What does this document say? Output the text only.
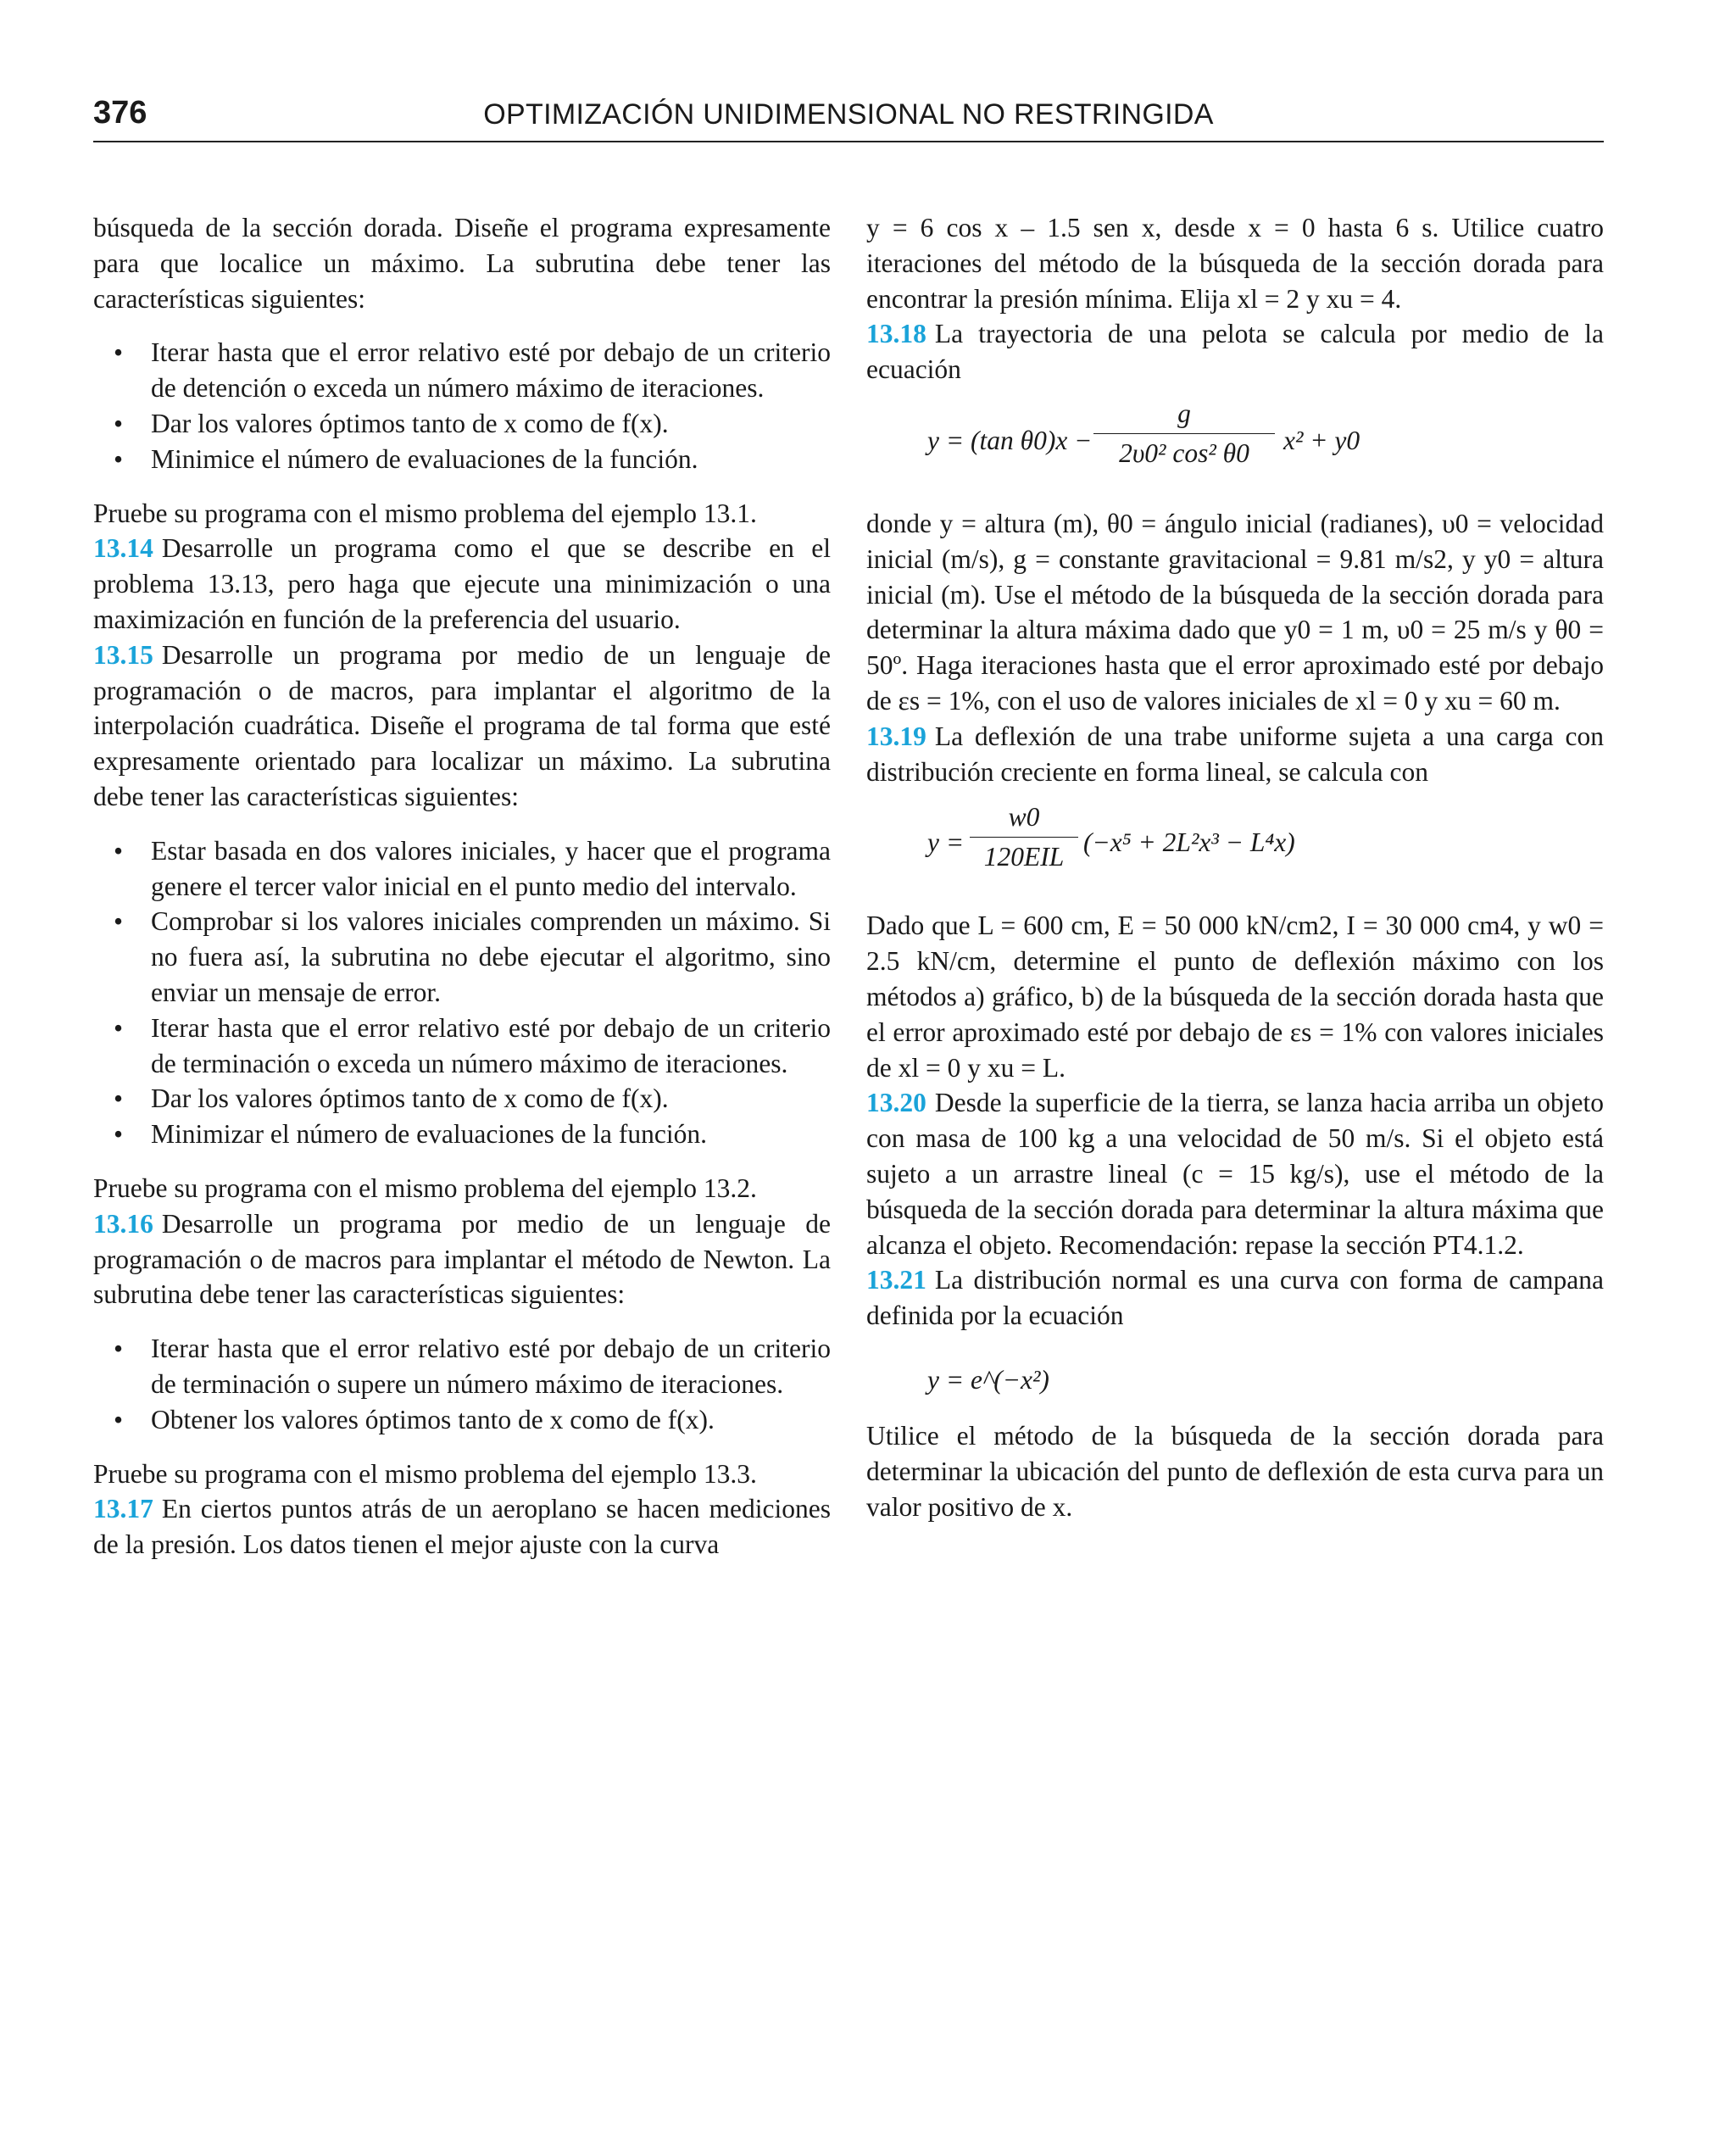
376	OPTIMIZACIÓN UNIDIMENSIONAL NO RESTRINGIDA

búsqueda de la sección dorada. Diseñe el programa expresamente para que localice un máximo. La subrutina debe tener las características siguientes:

• Iterar hasta que el error relativo esté por debajo de un criterio de detención o exceda un número máximo de iteraciones.
• Dar los valores óptimos tanto de x como de f(x).
• Minimice el número de evaluaciones de la función.

Pruebe su programa con el mismo problema del ejemplo 13.1.

13.14 Desarrolle un programa como el que se describe en el problema 13.13, pero haga que ejecute una minimización o una maximización en función de la preferencia del usuario.

13.15 Desarrolle un programa por medio de un lenguaje de programación o de macros, para implantar el algoritmo de la interpolación cuadrática. Diseñe el programa de tal forma que esté expresamente orientado para localizar un máximo. La subrutina debe tener las características siguientes:

• Estar basada en dos valores iniciales, y hacer que el programa genere el tercer valor inicial en el punto medio del intervalo.
• Comprobar si los valores iniciales comprenden un máximo. Si no fuera así, la subrutina no debe ejecutar el algoritmo, sino enviar un mensaje de error.
• Iterar hasta que el error relativo esté por debajo de un criterio de terminación o exceda un número máximo de iteraciones.
• Dar los valores óptimos tanto de x como de f(x).
• Minimizar el número de evaluaciones de la función.

Pruebe su programa con el mismo problema del ejemplo 13.2.

13.16 Desarrolle un programa por medio de un lenguaje de programación o de macros para implantar el método de Newton. La subrutina debe tener las características siguientes:

• Iterar hasta que el error relativo esté por debajo de un criterio de terminación o supere un número máximo de iteraciones.
• Obtener los valores óptimos tanto de x como de f(x).

Pruebe su programa con el mismo problema del ejemplo 13.3.

13.17 En ciertos puntos atrás de un aeroplano se hacen mediciones de la presión. Los datos tienen el mejor ajuste con la curva

y = 6 cos x – 1.5 sen x, desde x = 0 hasta 6 s. Utilice cuatro iteraciones del método de la búsqueda de la sección dorada para encontrar la presión mínima. Elija xl = 2 y xu = 4.

13.18 La trayectoria de una pelota se calcula por medio de la ecuación

y = (tan $\theta 0)x - \frac{g}{\text{2υ0² cos² θ0}} x^2 + y0$

donde y = altura (m), θ0 = ángulo inicial (radianes), υ0 = velocidad inicial (m/s), g = constante gravitacional = 9.81 m/s2, y y0 = altura inicial (m). Use el método de la búsqueda de la sección dorada para determinar la altura máxima dado que y0 = 1 m, υ0 = 25 m/s y θ0 = 50º. Haga iteraciones hasta que el error aproximado esté por debajo de εs = 1%, con el uso de valores iniciales de xl = 0 y xu = 60 m.

13.19 La deflexión de una trabe uniforme sujeta a una carga con distribución creciente en forma lineal, se calcula con

y =
w0
120EIL (−x⁵ + 2L²x³ − L⁴x)

Dado que L = 600 cm, E = 50 000 kN/cm2, I = 30 000 cm4, y w0 = 2.5 kN/cm, determine el punto de deflexión máximo con los métodos a) gráfico, b) de la búsqueda de la sección dorada hasta que el error aproximado esté por debajo de εs = 1% con valores iniciales de xl = 0 y xu = L.

13.20 Desde la superficie de la tierra, se lanza hacia arriba un objeto con masa de 100 kg a una velocidad de 50 m/s. Si el objeto está sujeto a un arrastre lineal (c = 15 kg/s), use el método de la búsqueda de la sección dorada para determinar la altura máxima que alcanza el objeto. Recomendación: repase la sección PT4.1.2.

13.21 La distribución normal es una curva con forma de campana definida por la ecuación

y = e^(−x²)

Utilice el método de la búsqueda de la sección dorada para determinar la ubicación del punto de deflexión de esta curva para un valor positivo de x.
